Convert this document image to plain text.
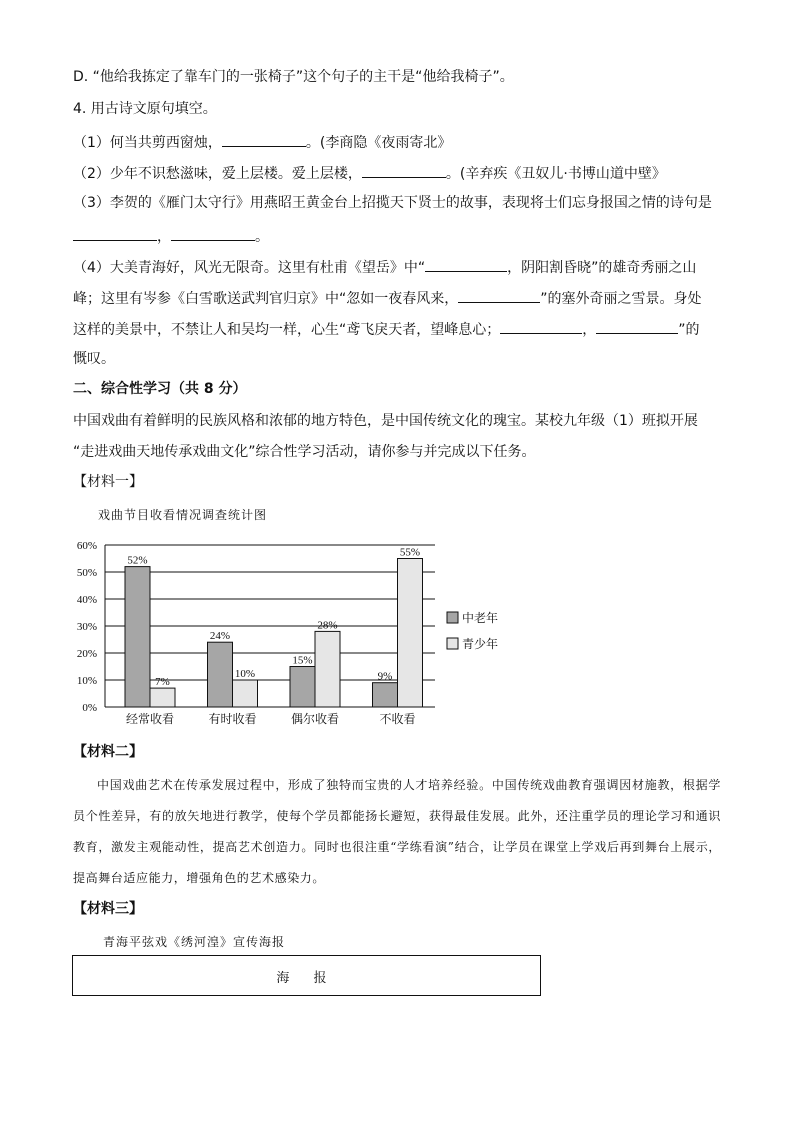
D. “他给我拣定了靠车门的一张椅子”这个句子的主干是“他给我椅子”。
4. 用古诗文原句填空。
（1）何当共剪西窗烛，	。(李商隐《夜雨寄北》
（2）少年不识愁滋味，爱上层楼。爱上层楼，	。(辛弃疾《丑奴儿·书博山道中壁》
（3）李贺的《雁门太守行》用燕昭王黄金台上招揽天下贤士的故事，表现将士们忘身报国之情的诗句是
，	。
（4）大美青海好，风光无限奇。这里有杜甫《望岳》中“	，阴阳割昏晓”的雄奇秀丽之山
峰；这里有岑参《白雪歌送武判官归京》中“忽如一夜春风来，	”的塞外奇丽之雪景。身处
这样的美景中，不禁让人和吴均一样，心生“鸢飞戾天者，望峰息心；	，	”的
慨叹。
二、综合性学习（共 8 分）
中国戏曲有着鲜明的民族风格和浓郁的地方特色，是中国传统文化的瑰宝。某校九年级（1）班拟开展
“走进戏曲天地传承戏曲文化”综合性学习活动，请你参与并完成以下任务。
【材料一】
戏曲节目收看情况调查统计图
0%
10%
20%
30%
40%
50%
60%
52%
7%
经常收看
24%
10%
有时收看
15%
28%
偶尔收看
9%
55%
不收看
中老年
青少年
【材料二】
中国戏曲艺术在传承发展过程中，形成了独特而宝贵的人才培养经验。中国传统戏曲教育强调因材施教，根据学员个性差异，有的放矢地进行教学，使每个学员都能扬长避短，获得最佳发展。此外，还注重学员的理论学习和通识教育，激发主观能动性，提高艺术创造力。同时也很注重“学练看演”结合，让学员在课堂上学戏后再到舞台上展示，提高舞台适应能力，增强角色的艺术感染力。
【材料三】
青海平弦戏《绣河湟》宣传海报
海 报
